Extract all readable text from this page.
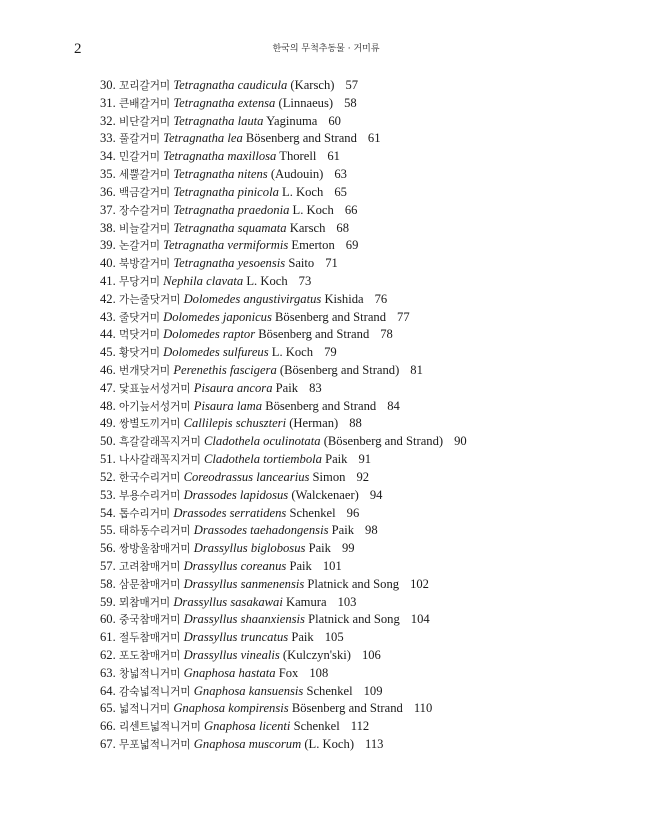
2	한국의 무척추동물 · 거미류
30. 꼬리갈거미 Tetragnatha caudicula (Karsch) 57
31. 큰배갈거미 Tetragnatha extensa (Linnaeus) 58
32. 비단갈거미 Tetragnatha lauta Yaginuma 60
33. 풀갈거미 Tetragnatha lea Bösenberg and Strand 61
34. 민갈거미 Tetragnatha maxillosa Thorell 61
35. 세뿔갈거미 Tetragnatha nitens (Audouin) 63
36. 백금갈거미 Tetragnatha pinicola L. Koch 65
37. 장수갈거미 Tetragnatha praedonia L. Koch 66
38. 비늘갈거미 Tetragnatha squamata Karsch 68
39. 논갈거미 Tetragnatha vermiformis Emerton 69
40. 북방갈거미 Tetragnatha yesoensis Saito 71
41. 무당거미 Nephila clavata L. Koch 73
42. 가는줄닷거미 Dolomedes angustivirgatus Kishida 76
43. 줄닷거미 Dolomedes japonicus Bösenberg and Strand 77
44. 먹닷거미 Dolomedes raptor Bösenberg and Strand 78
45. 황닷거미 Dolomedes sulfureus L. Koch 79
46. 번개닷거미 Perenethis fascigera (Bösenberg and Strand) 81
47. 닻표늪서성거미 Pisaura ancora Paik 83
48. 아기늪서성거미 Pisaura lama Bösenberg and Strand 84
49. 쌍별도끼거미 Callilepis schuszteri (Herman) 88
50. 흑갈갈래꼭지거미 Cladothela oculinotata (Bösenberg and Strand) 90
51. 나사갈래꼭지거미 Cladothela tortiembola Paik 91
52. 한국수리거미 Coreodrassus lancearius Simon 92
53. 부용수리거미 Drassodes lapidosus (Walckenaer) 94
54. 톱수리거미 Drassodes serratidens Schenkel 96
55. 태하동수리거미 Drassodes taehadongensis Paik 98
56. 쌍방울참매거미 Drassyllus biglobosus Paik 99
57. 고려참매거미 Drassyllus coreanus Paik 101
58. 삼문참매거미 Drassyllus sanmenensis Platnick and Song 102
59. 뫼참매거미 Drassyllus sasakawai Kamura 103
60. 중국참매거미 Drassyllus shaanxiensis Platnick and Song 104
61. 절두참매거미 Drassyllus truncatus Paik 105
62. 포도참매거미 Drassyllus vinealis (Kulczyn'ski) 106
63. 창넓적니거미 Gnaphosa hastata Fox 108
64. 감숙넓적니거미 Gnaphosa kansuensis Schenkel 109
65. 넓적니거미 Gnaphosa kompirensis Bösenberg and Strand 110
66. 리센트넓적니거미 Gnaphosa licenti Schenkel 112
67. 무포넓적니거미 Gnaphosa muscorum (L. Koch) 113
